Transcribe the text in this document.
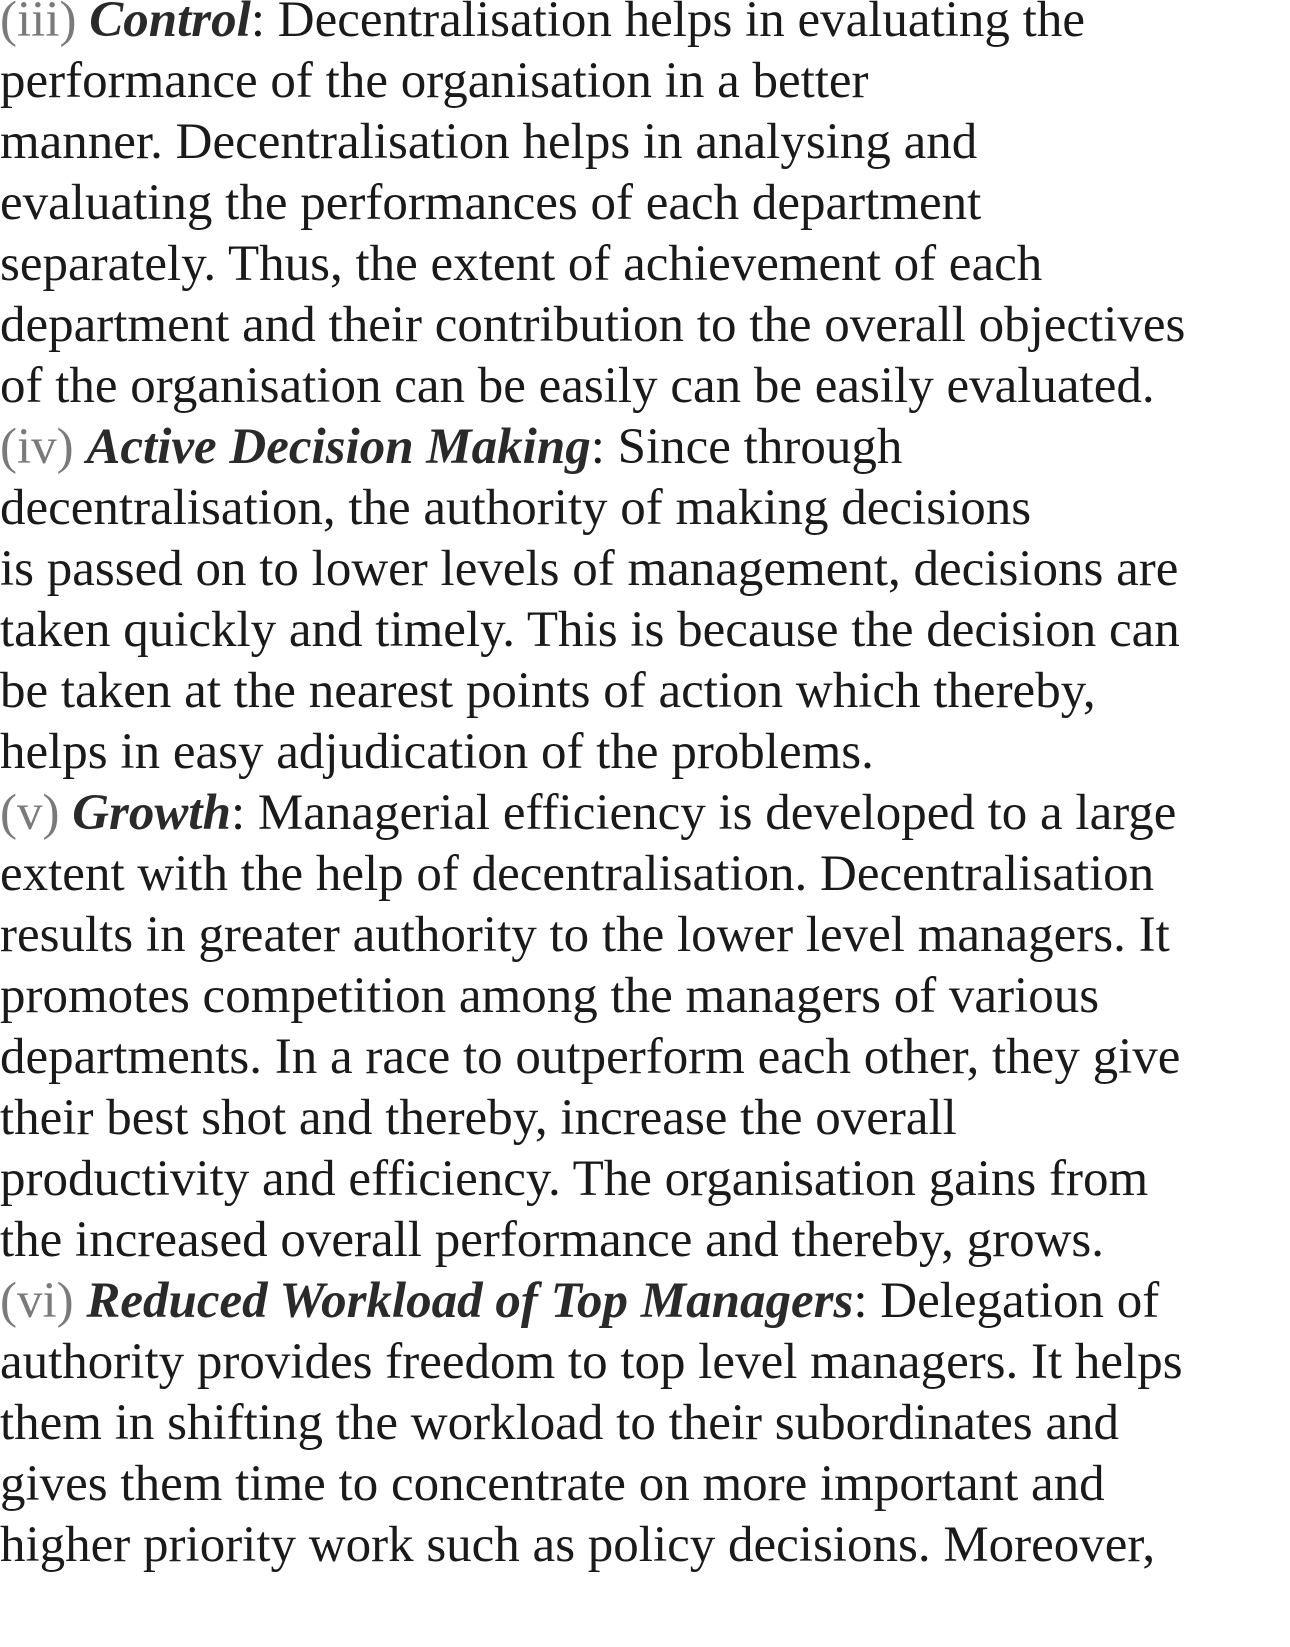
(iii) Control: Decentralisation helps in evaluating the
performance of the organisation in a better
manner. Decentralisation helps in analysing and
evaluating the performances of each department
separately. Thus, the extent of achievement of each
department and their contribution to the overall objectives
of the organisation can be easily can be easily evaluated.
(iv) Active Decision Making: Since through
decentralisation, the authority of making decisions
is passed on to lower levels of management, decisions are
taken quickly and timely. This is because the decision can
be taken at the nearest points of action which thereby,
helps in easy adjudication of the problems.
(v) Growth: Managerial efficiency is developed to a large
extent with the help of decentralisation. Decentralisation
results in greater authority to the lower level managers. It
promotes competition among the managers of various
departments. In a race to outperform each other, they give
their best shot and thereby, increase the overall
productivity and efficiency. The organisation gains from
the increased overall performance and thereby, grows.
(vi) Reduced Workload of Top Managers: Delegation of
authority provides freedom to top level managers. It helps
them in shifting the workload to their subordinates and
gives them time to concentrate on more important and
higher priority work such as policy decisions. Moreover,
